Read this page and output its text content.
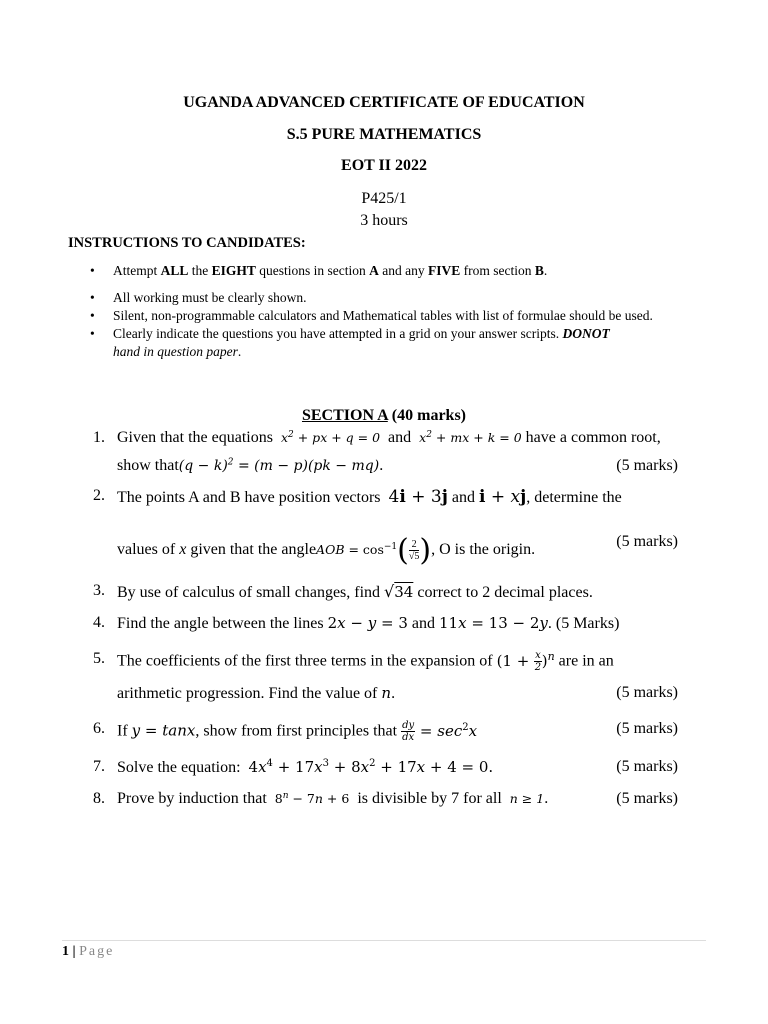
UGANDA ADVANCED CERTIFICATE OF EDUCATION
S.5 PURE MATHEMATICS
EOT II 2022
P425/1
3 hours
INSTRUCTIONS TO CANDIDATES:
• Attempt ALL the EIGHT questions in section A and any FIVE from section B.
• All working must be clearly shown.
• Silent, non-programmable calculators and Mathematical tables with list of formulae should be used.
• Clearly indicate the questions you have attempted in a grid on your answer scripts. DONOT
hand in question paper.
SECTION A (40 marks)
1. Given that the equations $x^2$ + px + q = 0 and $x^2$ + mx + k = 0 have a common root,
show that(q − k)$^2$ = (m − p)(pk − mq).	(5 marks)
2. The points A and B have position vectors 4i + 3j and i + xj, determine the
values of x given that the angleAOB = $\cos^{-1}( \frac{2}{√5}$ ), O is the origin.	(5 marks)
3. By use of calculus of small changes, find √34 correct to 2 decimal places.
4. Find the angle between the lines 2x − y = 3 and 11x = 13 − 2y. (5 Marks)
5. The coefficients of the first three terms in the expansion of $(1 + \frac{x}{2} )^n$ are in an
arithmetic progression. Find the value of n.	(5 marks)
6. If y = tanx, show from first principles that $\frac{dy}{dx} = \sec^2x$	(5 marks)
7. Solve the equation: $4x^4 + 17x^3 + 8x^2 + 17x + 4 = 0$.	(5 marks)
8. Prove by induction that $8^n - 7n + 6$ is divisible by 7 for all n ≥ 1.	(5 marks)
1 | Page
